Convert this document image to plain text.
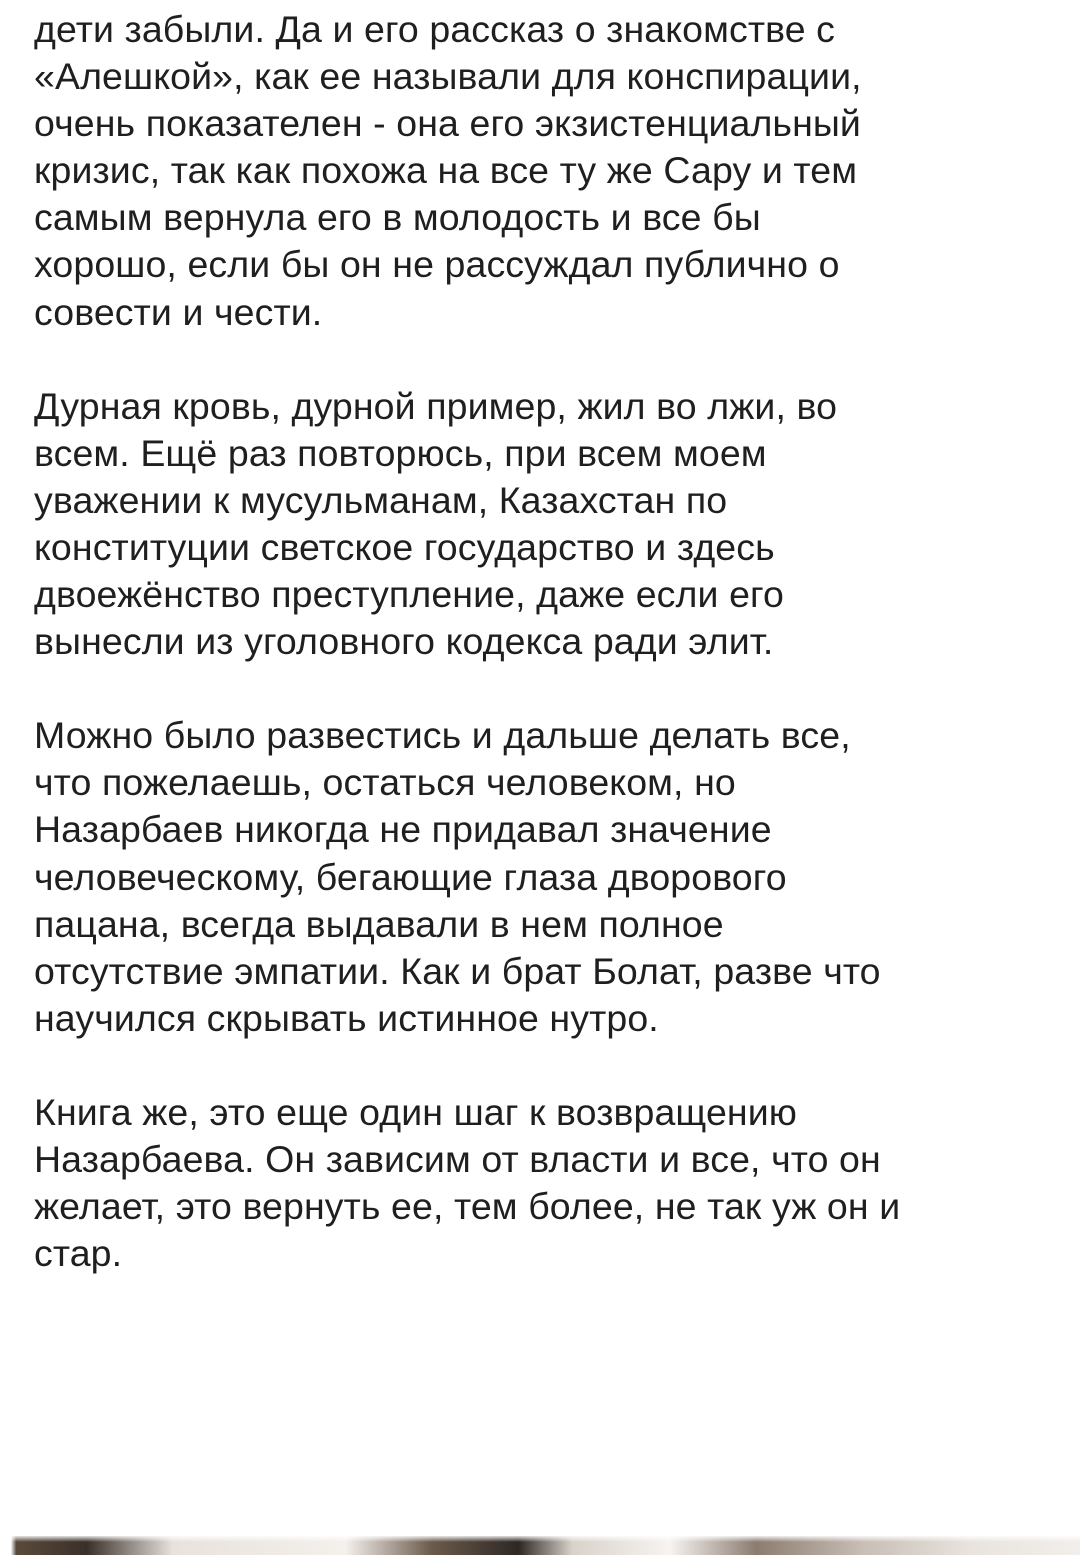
дети забыли. Да и его рассказ о знакомстве с
«Алешкой», как ее называли для конспирации,
очень показателен - она его экзистенциальный
кризис, так как похожа на все ту же Сару и тем
самым вернула его в молодость и все бы
хорошо, если бы он не рассуждал публично о
совести и чести.

Дурная кровь, дурной пример, жил во лжи, во
всем. Ещё раз повторюсь, при всем моем
уважении к мусульманам, Казахстан по
конституции светское государство и здесь
двоежёнство преступление, даже если его
вынесли из уголовного кодекса ради элит.

Можно было развестись и дальше делать все,
что пожелаешь, остаться человеком, но
Назарбаев никогда не придавал значение
человеческому, бегающие глаза дворового
пацана, всегда выдавали в нем полное
отсутствие эмпатии. Как и брат Болат, разве что
научился скрывать истинное нутро.

Книга же, это еще один шаг к возвращению
Назарбаева. Он зависим от власти и все, что он
желает, это вернуть ее, тем более, не так уж он и
стар.
